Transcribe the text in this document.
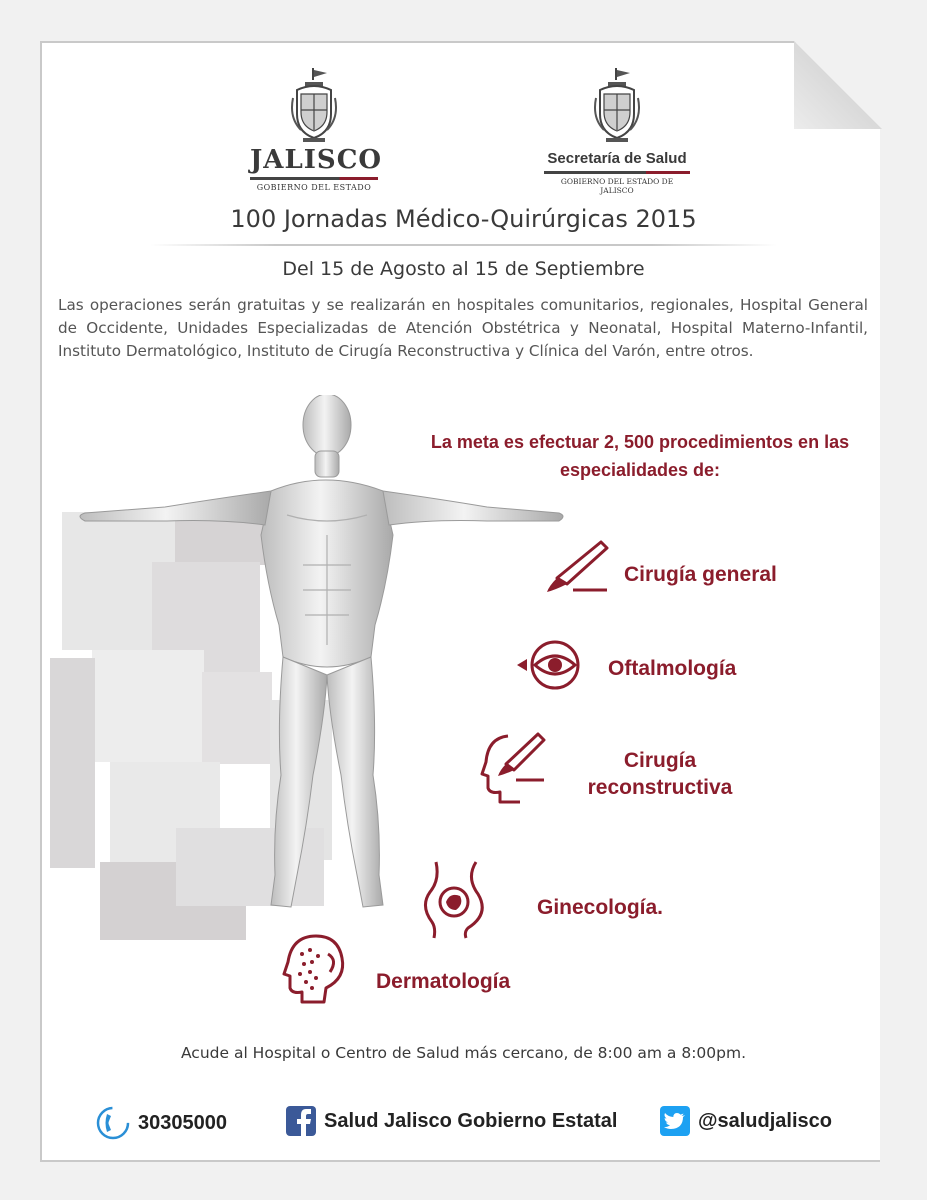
JALISCO
GOBIERNO DEL ESTADO
Secretaría de Salud
GOBIERNO DEL ESTADO DE JALISCO
100 Jornadas Médico-Quirúrgicas 2015
Del 15 de Agosto al 15 de Septiembre
Las operaciones serán gratuitas y se realizarán en hospitales comunitarios, regionales, Hospital General de Occidente, Unidades Especializadas de Atención Obstétrica y Neonatal, Hospital Materno-Infantil, Instituto Dermatológico, Instituto de Cirugía Reconstructiva y Clínica del Varón, entre otros.
La meta es efectuar 2, 500 procedimientos en las
especialidades de:
Cirugía general
Oftalmología
Cirugía
reconstructiva
Ginecología.
Dermatología
Acude al Hospital o Centro de Salud más cercano, de 8:00 am a 8:00pm.
30305000	Salud Jalisco Gobierno Estatal	@saludjalisco
